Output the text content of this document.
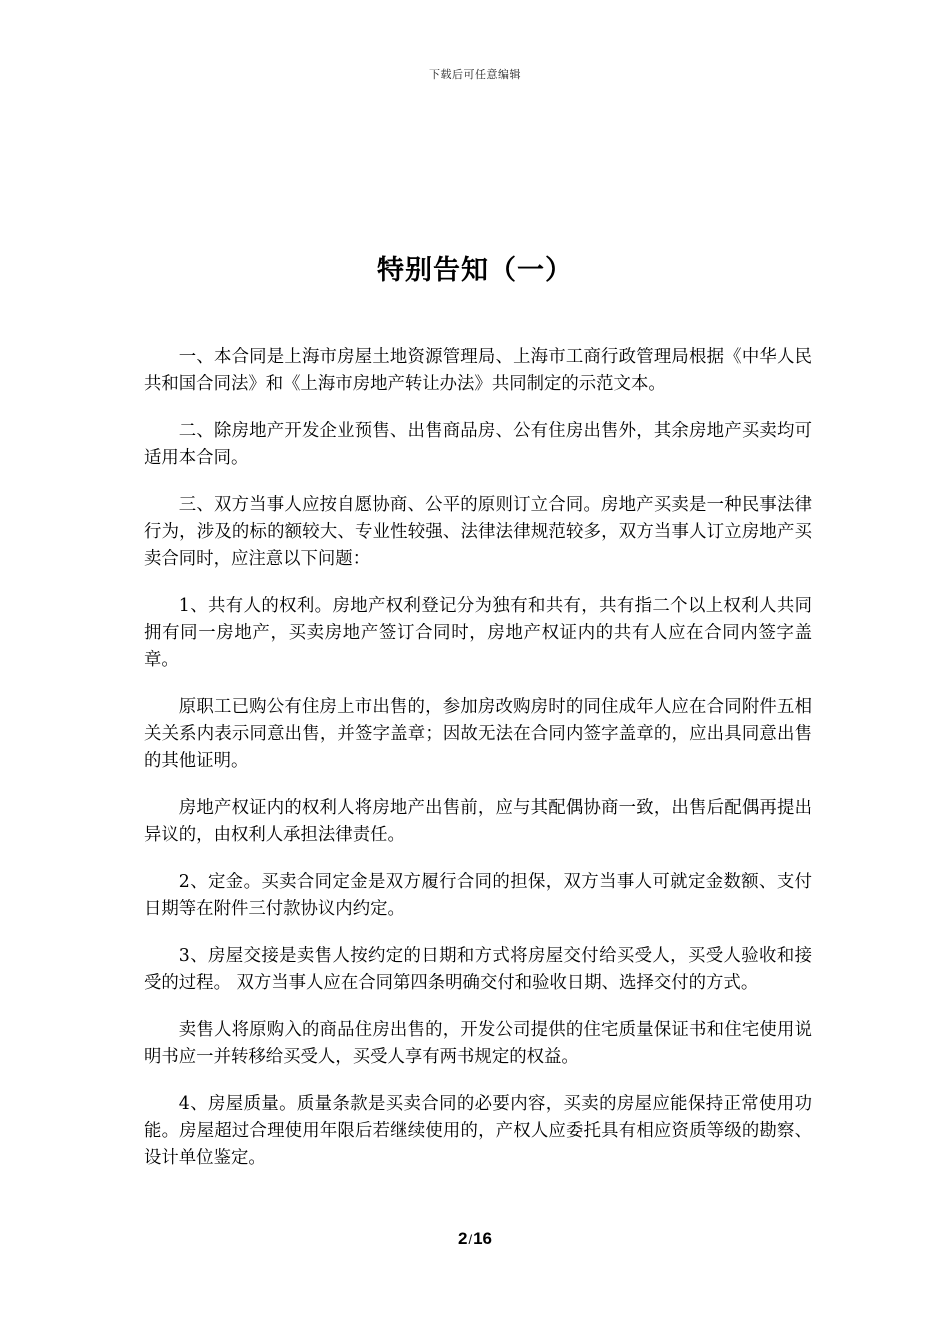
下载后可任意编辑
特别告知（一）

一、本合同是上海市房屋土地资源管理局、上海市工商行政管理局根据《中华人民共和国合同法》和《上海市房地产转让办法》共同制定的示范文本。

二、除房地产开发企业预售、出售商品房、公有住房出售外，其余房地产买卖均可适用本合同。

三、双方当事人应按自愿协商、公平的原则订立合同。房地产买卖是一种民事法律行为，涉及的标的额较大、专业性较强、法律法律规范较多，双方当事人订立房地产买卖合同时，应注意以下问题：

1、共有人的权利。房地产权利登记分为独有和共有，共有指二个以上权利人共同拥有同一房地产，买卖房地产签订合同时，房地产权证内的共有人应在合同内签字盖章。

原职工已购公有住房上市出售的，参加房改购房时的同住成年人应在合同附件五相关关系内表示同意出售，并签字盖章；因故无法在合同内签字盖章的，应出具同意出售的其他证明。

房地产权证内的权利人将房地产出售前，应与其配偶协商一致，出售后配偶再提出异议的，由权利人承担法律责任。

2、定金。买卖合同定金是双方履行合同的担保，双方当事人可就定金数额、支付日期等在附件三付款协议内约定。

3、房屋交接是卖售人按约定的日期和方式将房屋交付给买受人，买受人验收和接受的过程。 双方当事人应在合同第四条明确交付和验收日期、选择交付的方式。

卖售人将原购入的商品住房出售的，开发公司提供的住宅质量保证书和住宅使用说明书应一并转移给买受人，买受人享有两书规定的权益。

4、房屋质量。质量条款是买卖合同的必要内容，买卖的房屋应能保持正常使用功能。房屋超过合理使用年限后若继续使用的，产权人应委托具有相应资质等级的勘察、设计单位鉴定。

2/16
